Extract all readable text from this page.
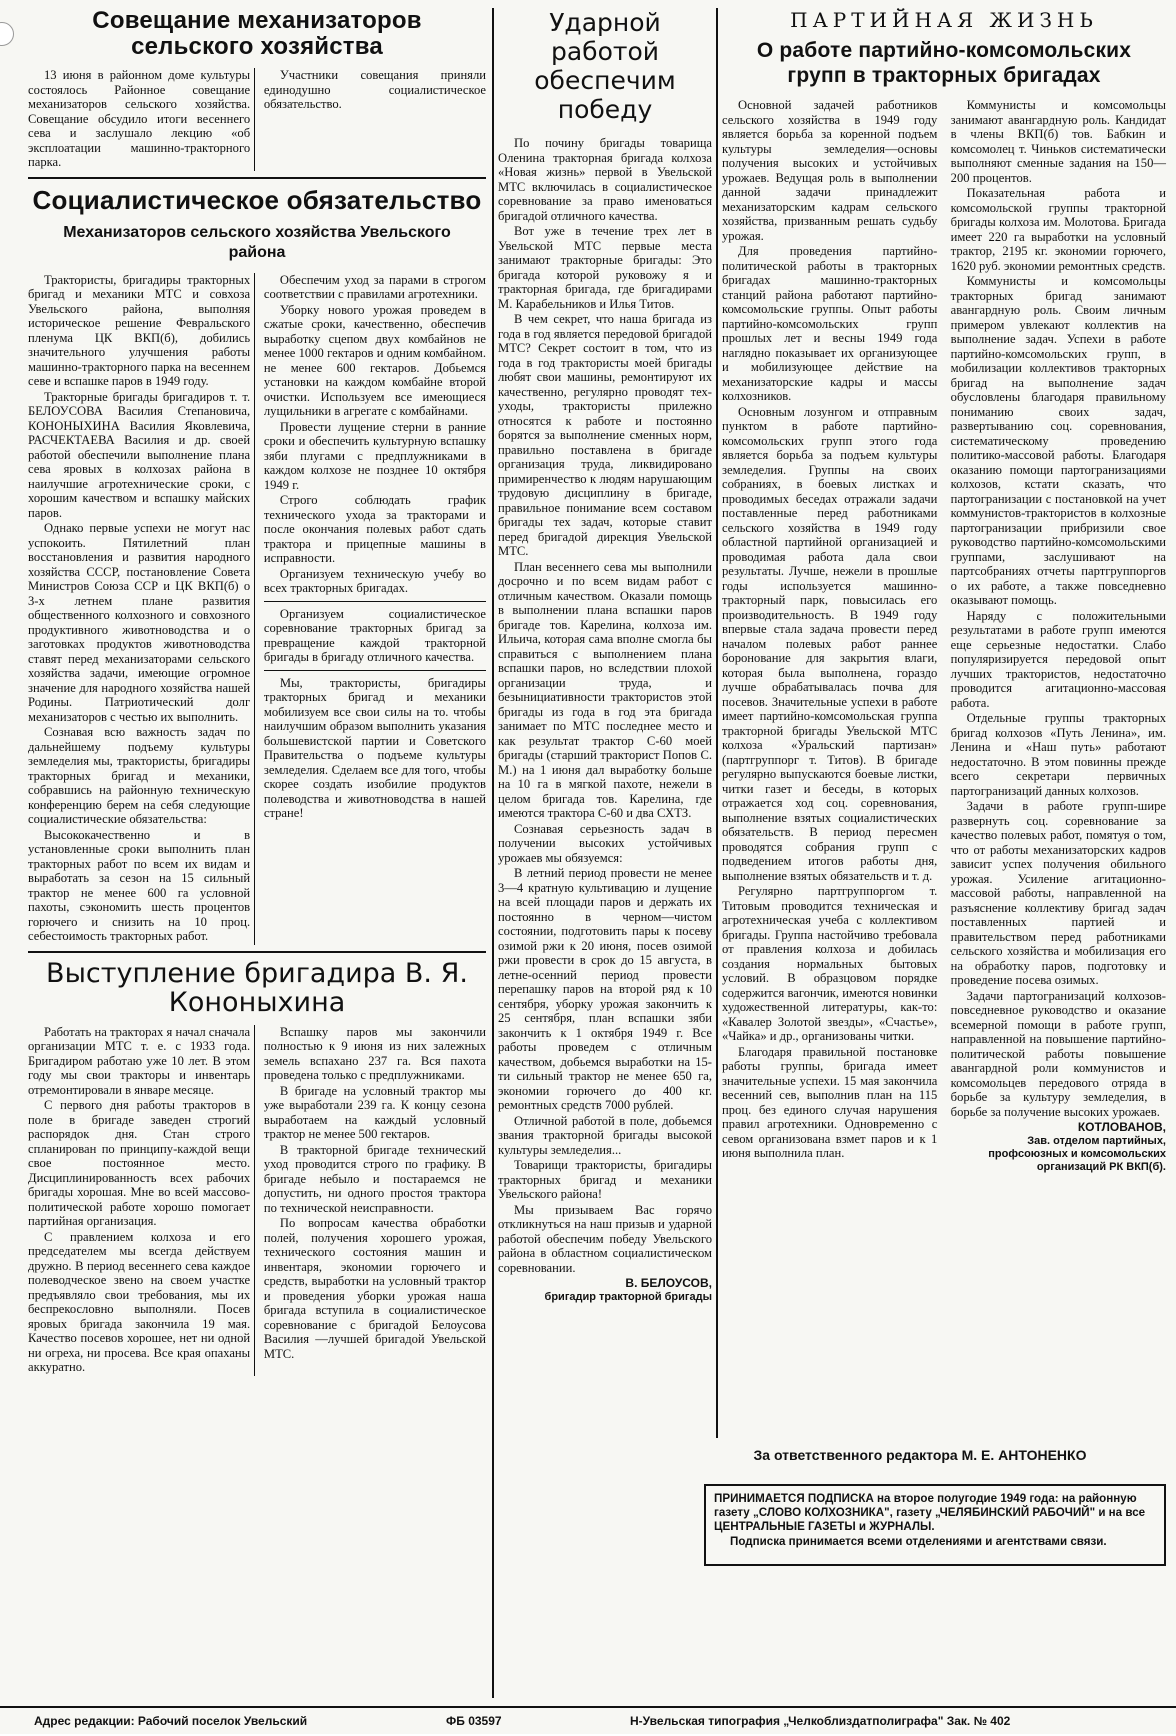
Совещание механизаторов сельского хозяйства

13 июня в районном доме культуры состоялось Районное совещание механизаторов сельского хозяйства. Совещание обсудило итоги весеннего сева и заслушало лекцию «об эксплоатации машинно-тракторного парка.

Участники совещания приняли единодушно социалистическое обязательство.

Социалистическое обязательство
Механизаторов сельского хозяйства Увельского района

Трактористы, бригадиры тракторных бригад и механики МТС и совхоза Увельского района, выполняя историческое решение Февральского пленума ЦК ВКП(б), добились значительного улучшения работы машинно-тракторного парка на весеннем севе и вспашке паров в 1949 году.

Тракторные бригады бригадиров т. т. БЕЛОУСОВА Василия Степановича, КОНОНЫХИНА Василия Яковлевича, РАСЧЕКТАЕВА Василия и др. своей работой обеспечили выполнение плана сева яровых в колхозах района в наилучшие агротехнические сроки, с хорошим качеством и вспашку майских паров.

Однако первые успехи не могут нас успокоить. Пятилетний план восстановления и развития народного хозяйства СССР, постановление Совета Министров Союза ССР и ЦК ВКП(б) о 3-х летнем плане развития общественного колхозного и совхозного продуктивного животноводства и о заготовках продуктов животноводства ставят перед механизаторами сельского хозяйства задачи, имеющие огромное значение для народного хозяйства нашей Родины. Патриотический долг механизаторов с честью их выполнить.

Сознавая всю важность задач по дальнейшему подъему культуры земледелия мы, трактористы, бригадиры тракторных бригад и механики, собравшись на районную техническую конференцию берем на себя следующие социалистические обязательства:

Высококачественно и в установленные сроки выполнить план тракторных работ по всем их видам и выработать за сезон на 15 сильный трактор не менее 600 га условной пахоты, сэкономить шесть процентов горючего и снизить на 10 проц. себестоимость тракторных работ.

Обеспечим уход за парами в строгом соответствии с правилами агротехники.

Уборку нового урожая проведем в сжатые сроки, качественно, обеспечив выработку сцепом двух комбайнов не менее 1000 гектаров и одним комбайном. не менее 600 гектаров. Добьемся установки на каждом комбайне второй очистки. Используем все имеющиеся лущильники в агрегате с комбайнами.

Провести лущение стерни в ранние сроки и обеспечить культурную вспашку зяби плугами с предплужниками в каждом колхозе не позднее 10 октября 1949 г.

Строго соблюдать график технического ухода за тракторами и после окончания полевых работ сдать трактора и прицепные машины в исправности.

Организуем техническую учебу во всех тракторных бригадах.

Организуем социалистическое соревнование тракторных бригад за превращение каждой тракторной бригады в бригаду отличного качества.

Мы, трактористы, бригадиры тракторных бригад и механики мобилизуем все свои силы на то. чтобы наилучшим образом выполнить указания большевистской партии и Советского Правительства о подъеме культуры земледелия. Сделаем все для того, чтобы скорее создать изобилие продуктов полеводства и животноводства в нашей стране!

Выступление бригадира В. Я. Кононыхина

Работать на тракторах я начал сначала организации МТС т. е. с 1933 года. Бригадиром работаю уже 10 лет. В этом году мы свои тракторы и инвентарь отремонтировали в январе месяце.

С первого дня работы тракторов в поле в бригаде заведен строгий распорядок дня. Стан строго спланирован по принципу-каждой вещи свое постоянное место. Дисциплинированность всех рабочих бригады хорошая. Мне во всей массово-политической работе хорошо помогает партийная организация.

С правлением колхоза и его председателем мы всегда действуем дружно. В период весеннего сева каждое полеводческое звено на своем участке предъявляло свои требования, мы их беспрекословно выполняли. Посев яровых бригада закончила 19 мая. Качество посевов хорошее, нет ни одной ни огреха, ни просева. Все края опаханы аккуратно.

Вспашку паров мы закончили полностью к 9 июня из них залежных земель вспахано 237 га. Вся пахота проведена только с предплужниками.

В бригаде на условный трактор мы уже выработали 239 га. К концу сезона выработаем на каждый условный трактор не менее 500 гектаров.

В тракторной бригаде технический уход проводится строго по графику. В бригаде небыло и постараемся не допустить, ни одного простоя трактора по технической неисправности.

По вопросам качества обработки полей, получения хорошего урожая, технического состояния машин и инвентаря, экономии горючего и средств, выработки на условный трактор и проведения уборки урожая наша бригада вступила в социалистическое соревнование с бригадой Белоусова Василия —лучшей бригадой Увельской МТС.

Ударной работой обеспечим победу

По почину бригады товарища Оленина тракторная бригада колхоза «Новая жизнь» первой в Увельской МТС включилась в социалистическое соревнование за право именоваться бригадой отличного качества.

Вот уже в течение трех лет в Увельской МТС первые места занимают тракторные бригады: Это бригада которой руковожу я и тракторная бригада, где бригадирами М. Карабельников и Илья Титов.

В чем секрет, что наша бригада из года в год является передовой бригадой МТС? Секрет состоит в том, что из года в год трактористы моей бригады любят свои машины, ремонтируют их качественно, регулярно проводят тех-уходы, трактористы прилежно относятся к работе и постоянно борятся за выполнение сменных норм, правильно поставлена в бригаде организация труда, ликвидировано примиренчество к людям нарушающим трудовую дисциплину в бригаде, правильное понимание всем составом бригады тех задач, которые ставит перед бригадой дирекция Увельской МТС.

План весеннего сева мы выполнили досрочно и по всем видам работ с отличным качеством. Оказали помощь в выполнении плана вспашки паров бригаде тов. Карелина, колхоза им. Ильича, которая сама вполне смогла бы справиться с выполнением плана вспашки паров, но вследствии плохой организации труда, и безынициативности трактористов этой бригады из года в год эта бригада занимает по МТС последнее место и как результат трактор С-60 моей бригады (старший тракторист Попов С. М.) на 1 июня дал выработку больше на 10 га в мягкой пахоте, нежели в целом бригада тов. Карелина, где имеются трактора С-60 и два СХТЗ.

Сознавая серьезность задач в получении высоких устойчивых урожаев мы обязуемся:

В летний период провести не менее 3—4 кратную культивацию и лущение на всей площади паров и держать их постоянно в черном—чистом состоянии, подготовить пары к посеву озимой ржи к 20 июня, посев озимой ржи провести в срок до 15 августа, в летне-осенний период провести перепашку паров на второй ряд к 10 сентября, уборку урожая закончить к 25 сентября, план вспашки зяби закончить к 1 октября 1949 г. Все работы проведем с отличным качеством, добьемся выработки на 15-ти сильный трактор не менее 650 га, экономии горючего до 400 кг. ремонтных средств 7000 рублей.

Отличной работой в поле, добьемся звания тракторной бригады высокой культуры земледелия...

Товарищи трактористы, бригадиры тракторных бригад и механики Увельского района!

Мы призываем Вас горячо откликнуться на наш призыв и ударной работой обеспечим победу Увельского района в областном социалистическом соревновании.

В. БЕЛОУСОВ,

бригадир тракторной бригады

ПАРТИЙНАЯ ЖИЗНЬ
О работе партийно-комсомольских групп в тракторных бригадах

Основной задачей работников сельского хозяйства в 1949 году является борьба за коренной подъем культуры земледелия—основы получения высоких и устойчивых урожаев. Ведущая роль в выполнении данной задачи принадлежит механизаторским кадрам сельского хозяйства, призванным решать судьбу урожая.

Для проведения партийно-политической работы в тракторных бригадах машинно-тракторных станций района работают партийно-комсомольские группы. Опыт работы партийно-комсомольских групп прошлых лет и весны 1949 года наглядно показывает их организующее и мобилизующее действие на механизаторские кадры и массы колхозников.

Основным лозунгом и отправным пунктом в работе партийно-комсомольских групп этого года является борьба за подъем культуры земледелия. Группы на своих собраниях, в боевых листках и проводимых беседах отражали задачи поставленные перед работниками сельского хозяйства в 1949 году областной партийной организацией и проводимая работа дала свои результаты. Лучше, нежели в прошлые годы используется машинно-тракторный парк, повысилась его производительность. В 1949 году впервые стала задача провести перед началом полевых работ раннее боронование для закрытия влаги, которая была выполнена, гораздо лучше обрабатывалась почва для посевов. Значительные успехи в работе имеет партийно-комсомольская группа тракторной бригады Увельской МТС колхоза «Уральский партизан» (партгруппорг т. Титов). В бригаде регулярно выпускаются боевые листки, читки газет и беседы, в которых отражается ход соц. соревнования, выполнение взятых социалистических обязательств. В период пересмен проводятся собрания групп с подведением итогов работы дня, выполнение взятых обязательств и т. д.

Регулярно партгруппоргом т. Титовым проводится техническая и агротехническая учеба с коллективом бригады. Группа настойчиво требовала от правления колхоза и добилась создания нормальных бытовых условий. В образцовом порядке содержится вагончик, имеются новинки художественной литературы, как-то: «Кавалер Золотой звезды», «Счастье», «Чайка» и др., организованы читки.

Благодаря правильной постановке работы группы, бригада имеет значительные успехи. 15 мая закончила весенний сев, выполнив план на 115 проц. без единого случая нарушения правил агротехники. Одновременно с севом организована взмет паров и к 1 июня выполнила план.

Коммунисты и комсомольцы занимают авангардную роль. Кандидат в члены ВКП(б) тов. Бабкин и комсомолец т. Чиньков систематически выполняют сменные задания на 150—200 процентов.

Показательная работа и комсомольской группы тракторной бригады колхоза им. Молотова. Бригада имеет 220 га выработки на условный трактор, 2195 кг. экономии горючего, 1620 руб. экономии ремонтных средств.

Коммунисты и комсомольцы тракторных бригад занимают авангардную роль. Своим личным примером увлекают коллектив на выполнение задач. Успехи в работе партийно-комсомольских групп, в мобилизации коллективов тракторных бригад на выполнение задач обусловлены благодаря правильному пониманию своих задач, развертыванию соц. соревнования, систематическому проведению политико-массовой работы. Благодаря оказанию помощи партогранизациями колхозов, кстати сказать, что партогранизации с постановкой на учет коммунистов-трактористов в колхозные партогранизации прибризили свое руководство партийно-комсомольскими группами, заслушивают на партсобраниях отчеты партгруппоргов о их работе, а также повседневно оказывают помощь.

Наряду с положительными результатами в работе групп имеются еще серьезные недостатки. Слабо популяризируется передовой опыт лучших трактористов, недостаточно проводится агитационно-массовая работа.

Отдельные группы тракторных бригад колхозов «Путь Ленина», им. Ленина и «Наш путь» работают недостаточно. В этом повинны прежде всего секретари первичных партогранизаций данных колхозов.

Задачи в работе групп-шире развернуть соц. соревнование за качество полевых работ, помятуя о том, что от работы механизаторских кадров зависит успех получения обильного урожая. Усиление агитационно-массовой работы, направленной на разъяснение коллективу бригад задач поставленных партией и правительством перед работниками сельского хозяйства и мобилизация его на обработку паров, подготовку и проведение посева озимых.

Задачи партогранизаций колхозов-повседневное руководство и оказание всемерной помощи в работе групп, направленной на повышение партийно-политической работы повышение авангардной роли коммунистов и комсомольцев передового отряда в борьбе за культуру земледелия, в борьбе за получение высоких урожаев.

КОТЛОВАНОВ,

Зав. отделом партийных, профсоюзных и комсомольских организаций РК ВКП(б).

За ответственного редактора М. Е. АНТОНЕНКО

ПРИНИМАЕТСЯ ПОДПИСКА на второе полугодие 1949 года: на районную газету „СЛОВО КОЛХОЗНИКА", газету „ЧЕЛЯБИНСКИЙ РАБОЧИЙ" и на все ЦЕНТРАЛЬНЫЕ ГАЗЕТЫ и ЖУРНАЛЫ.

Подписка принимается всеми отделениями и агентствами связи.

Адрес редакции: Рабочий поселок Увельский	ФБ 03597	Н-Увельская типография „Челкоблиздатполиграфа" Зак. № 402
